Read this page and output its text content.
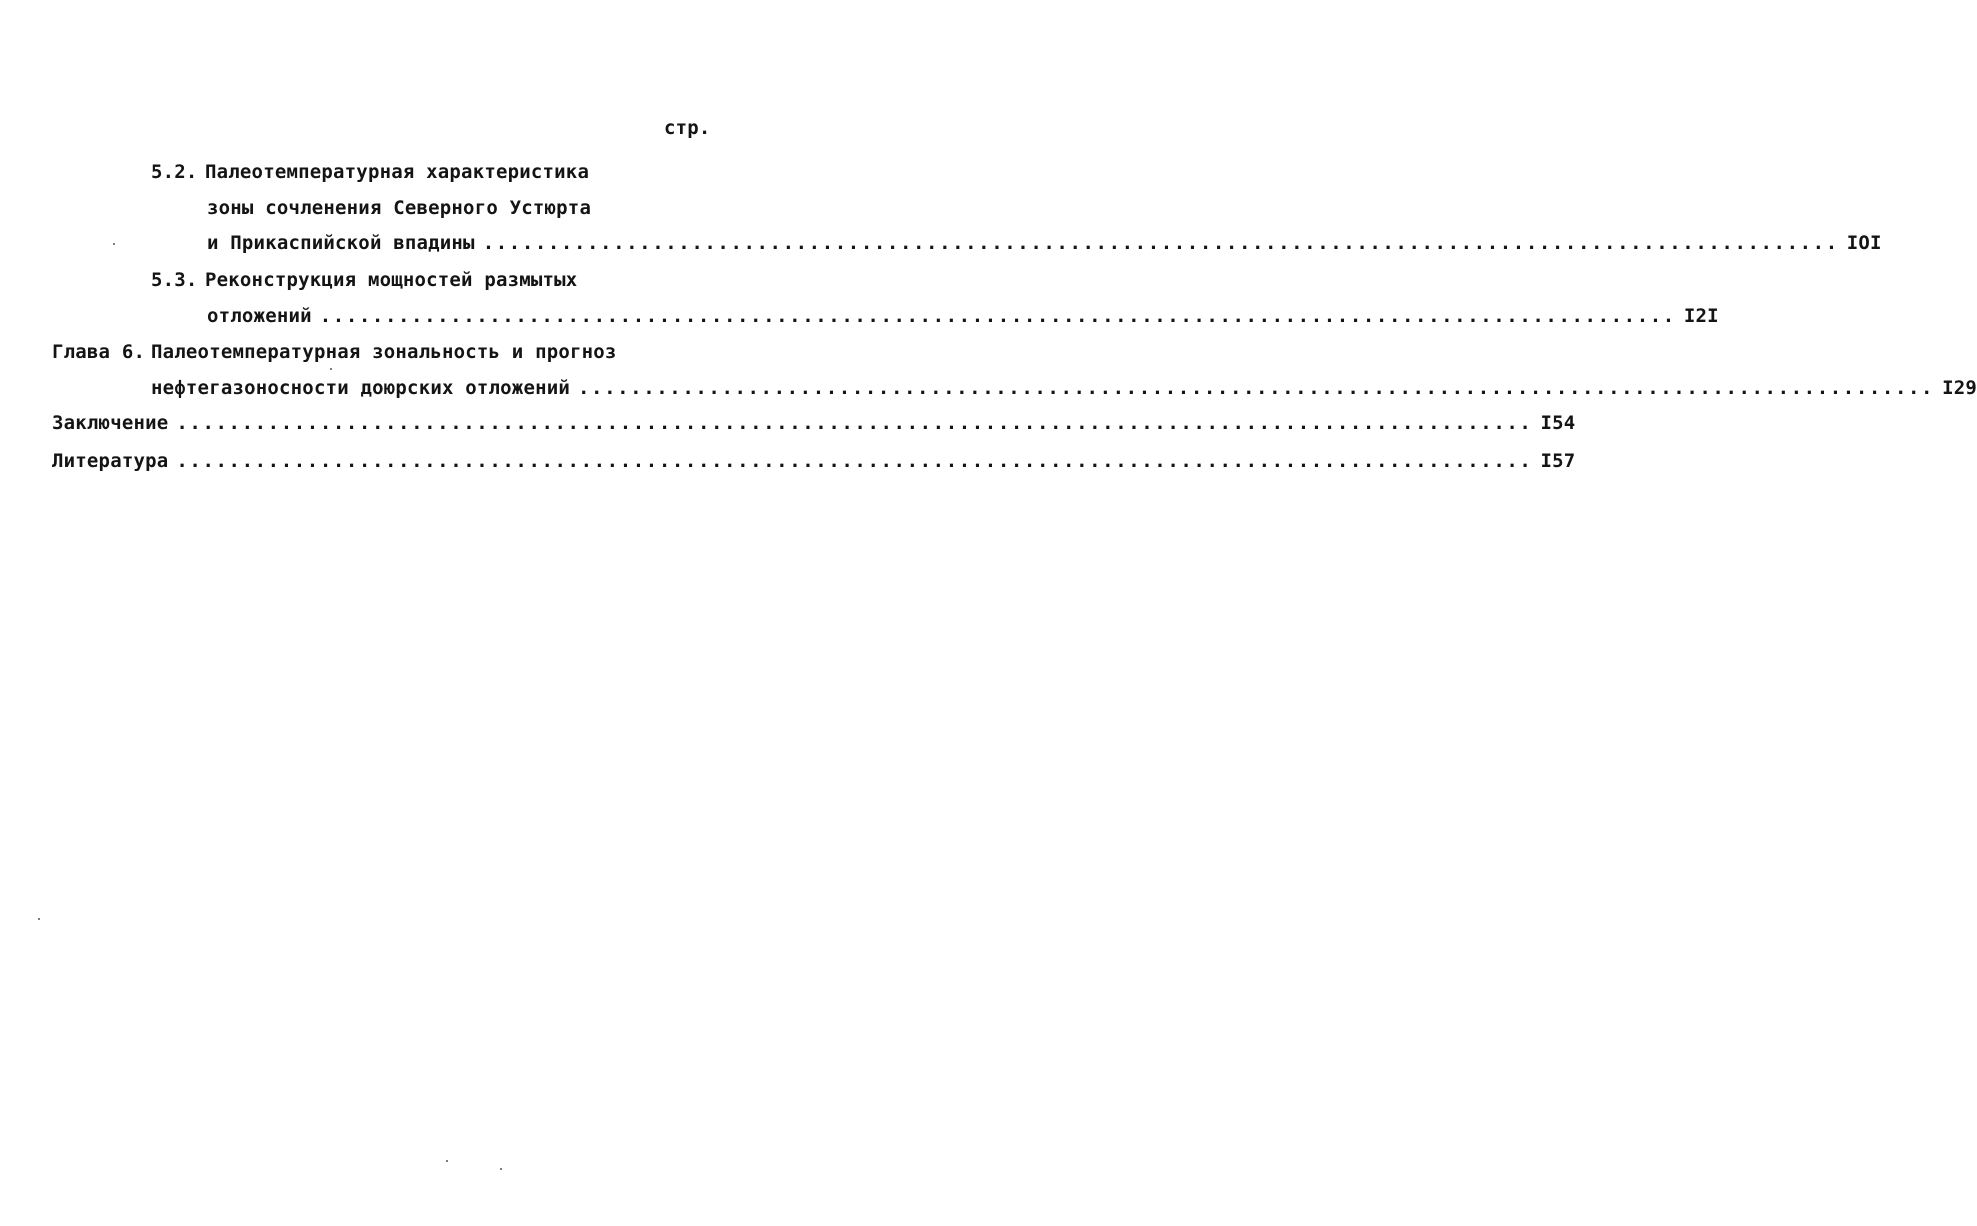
стр.
5.2. Палеотемпературная характеристика
зоны сочленения Северного Устюрта
и Прикаспийской впадины ........................................................................................................ IOI
5.3. Реконструкция мощностей размытых
отложений ........................................................................................................ I2I
Глава 6. Палеотемпературная зональность и прогноз
нефтегазоносности доюрских отложений ........................................................................................................ I29
Заключение ........................................................................................................ I54
Литература ........................................................................................................ I57
